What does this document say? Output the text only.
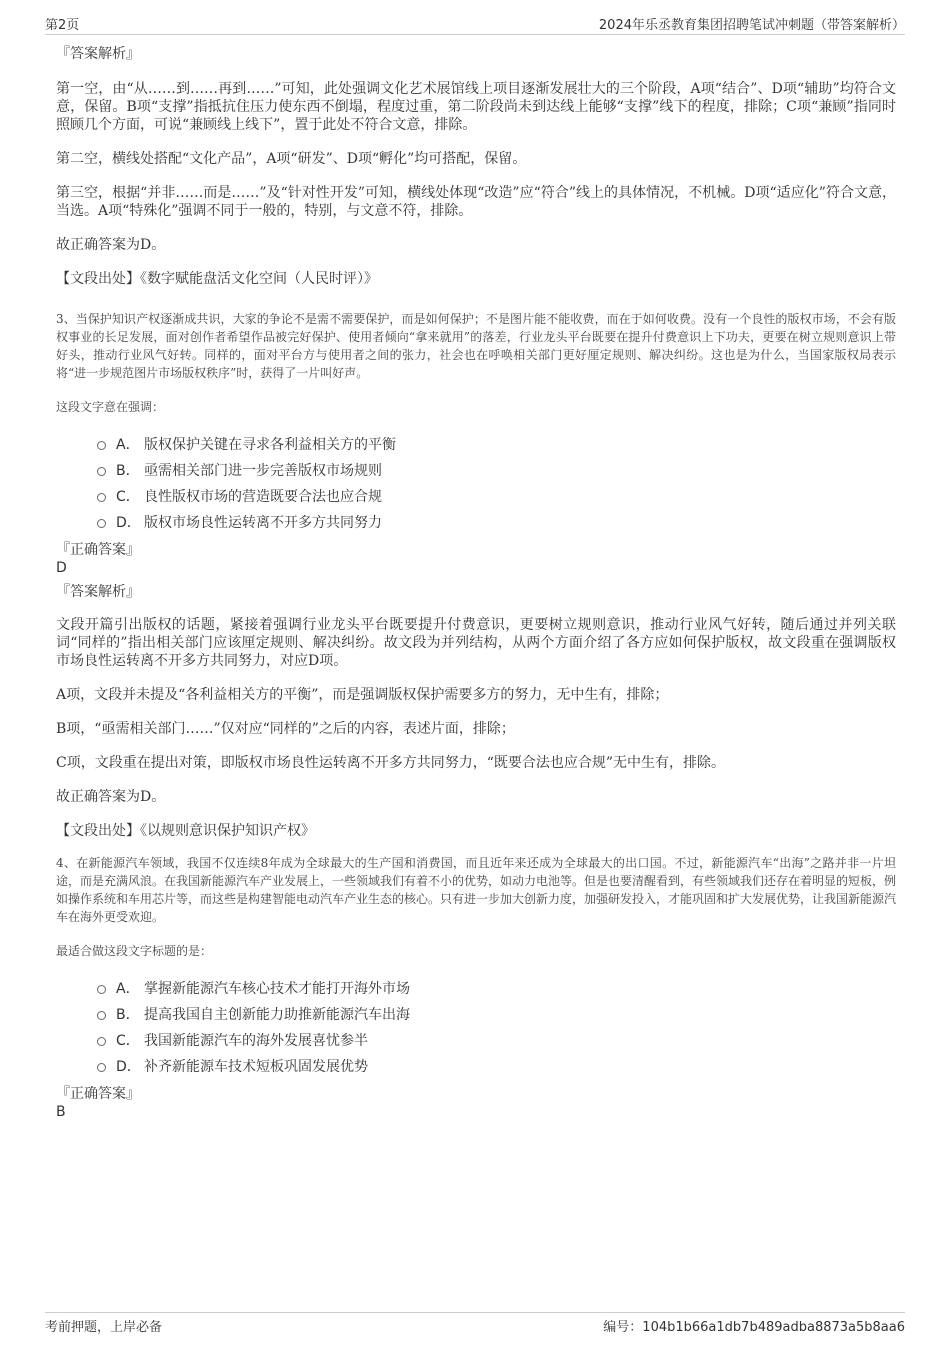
第2页	2024年乐丞教育集团招聘笔试冲刺题（带答案解析）

『答案解析』

第一空，由“从……到……再到……”可知，此处强调文化艺术展馆线上项目逐渐发展壮大的三个阶段，A项“结合”、D项“辅助”均符合文意，保留。B项“支撑”指抵抗住压力使东西不倒塌，程度过重，第二阶段尚未到达线上能够“支撑”线下的程度，排除；C项“兼顾”指同时照顾几个方面，可说“兼顾线上线下”，置于此处不符合文意，排除。

第二空，横线处搭配“文化产品”，A项“研发”、D项“孵化”均可搭配，保留。

第三空，根据“并非……而是……”及“针对性开发”可知，横线处体现“改造”应“符合”线上的具体情况，不机械。D项“适应化”符合文意，当选。A项“特殊化”强调不同于一般的，特别，与文意不符，排除。

故正确答案为D。

【文段出处】《数字赋能盘活文化空间（人民时评）》

3、当保护知识产权逐渐成共识，大家的争论不是需不需要保护，而是如何保护；不是图片能不能收费，而在于如何收费。没有一个良性的版权市场，不会有版权事业的长足发展，面对创作者希望作品被完好保护、使用者倾向“拿来就用”的落差，行业龙头平台既要在提升付费意识上下功夫，更要在树立规则意识上带好头，推动行业风气好转。同样的，面对平台方与使用者之间的张力，社会也在呼唤相关部门更好厘定规则、解决纠纷。这也是为什么，当国家版权局表示将“进一步规范图片市场版权秩序”时，获得了一片叫好声。

这段文字意在强调：

A． 版权保护关键在寻求各利益相关方的平衡
B． 亟需相关部门进一步完善版权市场规则
C． 良性版权市场的营造既要合法也应合规
D． 版权市场良性运转离不开多方共同努力

『正确答案』

D

『答案解析』

文段开篇引出版权的话题，紧接着强调行业龙头平台既要提升付费意识，更要树立规则意识，推动行业风气好转，随后通过并列关联词“同样的”指出相关部门应该厘定规则、解决纠纷。故文段为并列结构，从两个方面介绍了各方应如何保护版权，故文段重在强调版权市场良性运转离不开多方共同努力，对应D项。

A项，文段并未提及“各利益相关方的平衡”，而是强调版权保护需要多方的努力，无中生有，排除；

B项，“亟需相关部门……”仅对应“同样的”之后的内容，表述片面，排除；

C项，文段重在提出对策，即版权市场良性运转离不开多方共同努力，“既要合法也应合规”无中生有，排除。

故正确答案为D。

【文段出处】《以规则意识保护知识产权》

4、在新能源汽车领域，我国不仅连续8年成为全球最大的生产国和消费国，而且近年来还成为全球最大的出口国。不过，新能源汽车“出海”之路并非一片坦途，而是充满风浪。在我国新能源汽车产业发展上，一些领域我们有着不小的优势，如动力电池等。但是也要清醒看到，有些领域我们还存在着明显的短板，例如操作系统和车用芯片等，而这些是构建智能电动汽车产业生态的核心。只有进一步加大创新力度，加强研发投入，才能巩固和扩大发展优势，让我国新能源汽车在海外更受欢迎。

最适合做这段文字标题的是：

A． 掌握新能源汽车核心技术才能打开海外市场
B． 提高我国自主创新能力助推新能源汽车出海
C． 我国新能源汽车的海外发展喜忧参半
D． 补齐新能源车技术短板巩固发展优势

『正确答案』

B

考前押题，上岸必备	编号：104b1b66a1db7b489adba8873a5b8aa6
